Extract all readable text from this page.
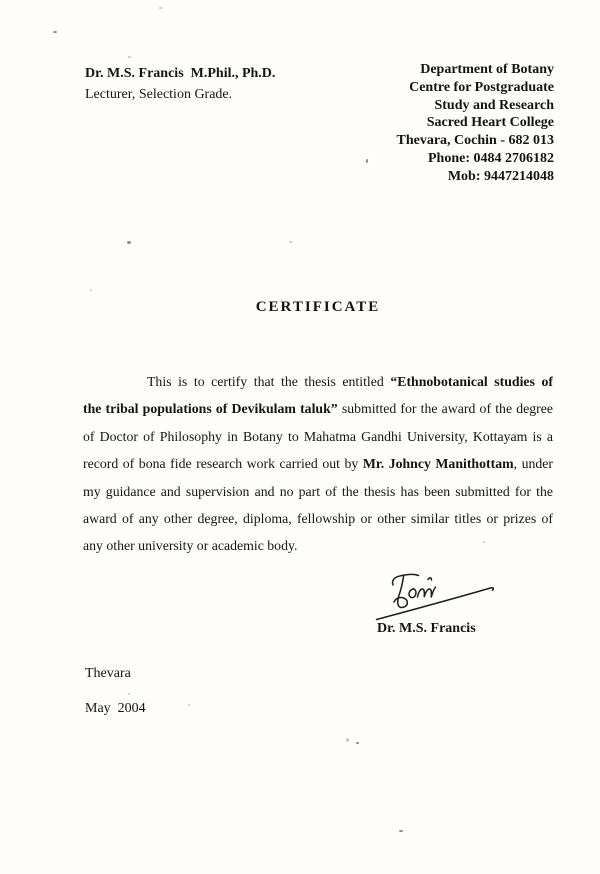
Dr. M.S. Francis  M.Phil., Ph.D.
Lecturer, Selection Grade.
Department of Botany
Centre for Postgraduate
Study and Research
Sacred Heart College
Thevara, Cochin - 682 013
Phone: 0484 2706182
Mob: 9447214048
CERTIFICATE
This is to certify that the thesis entitled “Ethnobotanical studies of
the tribal populations of Devikulam taluk” submitted for the award of the degree
of Doctor of Philosophy in Botany to Mahatma Gandhi University, Kottayam is a
record of bona fide research work carried out by Mr. Johncy Manithottam, under
my guidance and supervision and no part of the thesis has been submitted for the
award of any other degree, diploma, fellowship or other similar titles or prizes of
any other university or academic body.
Dr. M.S. Francis
Thevara
May  2004
